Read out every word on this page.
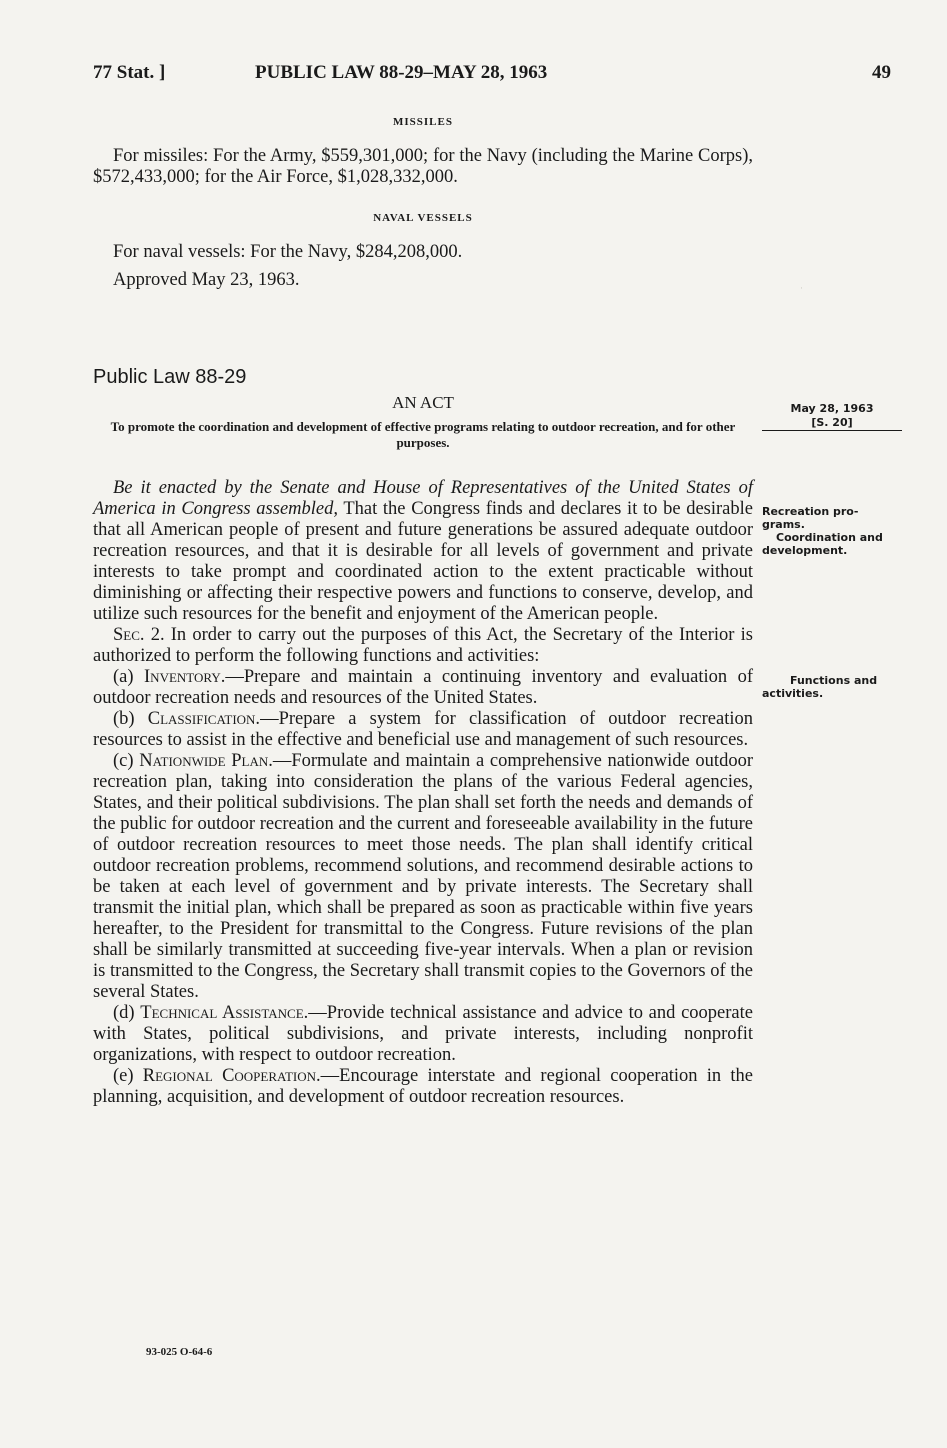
77 Stat. ]	PUBLIC LAW 88-29–MAY 28, 1963	49
·
MISSILES
For missiles: For the Army, $559,301,000; for the Navy (including the Marine Corps), $572,433,000; for the Air Force, $1,028,332,000.
NAVAL VESSELS
For naval vessels: For the Navy, $284,208,000.
Approved May 23, 1963.
Public Law 88-29
AN ACT
To promote the coordination and development of effective programs relating to outdoor recreation, and for other purposes.
May 28, 1963
[S. 20]

Be it enacted by the Senate and House of Representatives of the United States of America in Congress assembled, That the Congress finds and declares it to be desirable that all American people of present and future generations be assured adequate outdoor recreation resources, and that it is desirable for all levels of government and private interests to take prompt and coordinated action to the extent practicable without diminishing or affecting their respective powers and functions to conserve, develop, and utilize such resources for the benefit and enjoyment of the American people.

Sec. 2. In order to carry out the purposes of this Act, the Secretary of the Interior is authorized to perform the following functions and activities:

(a) Inventory.—Prepare and maintain a continuing inventory and evaluation of outdoor recreation needs and resources of the United States.

(b) Classification.—Prepare a system for classification of outdoor recreation resources to assist in the effective and beneficial use and management of such resources.

(c) Nationwide Plan.—Formulate and maintain a comprehensive nationwide outdoor recreation plan, taking into consideration the plans of the various Federal agencies, States, and their political subdivisions. The plan shall set forth the needs and demands of the public for outdoor recreation and the current and foreseeable availability in the future of outdoor recreation resources to meet those needs. The plan shall identify critical outdoor recreation problems, recommend solutions, and recommend desirable actions to be taken at each level of government and by private interests. The Secretary shall transmit the initial plan, which shall be prepared as soon as practicable within five years hereafter, to the President for transmittal to the Congress. Future revisions of the plan shall be similarly transmitted at succeeding five-year intervals. When a plan or revision is transmitted to the Congress, the Secretary shall transmit copies to the Governors of the several States.

(d) Technical Assistance.—Provide technical assistance and advice to and cooperate with States, political subdivisions, and private interests, including nonprofit organizations, with respect to outdoor recreation.

(e) Regional Cooperation.—Encourage interstate and regional cooperation in the planning, acquisition, and development of outdoor recreation resources.

Recreation pro-
grams.
Coordination and
development.
Functions and
activities.
93-025 O-64-6
